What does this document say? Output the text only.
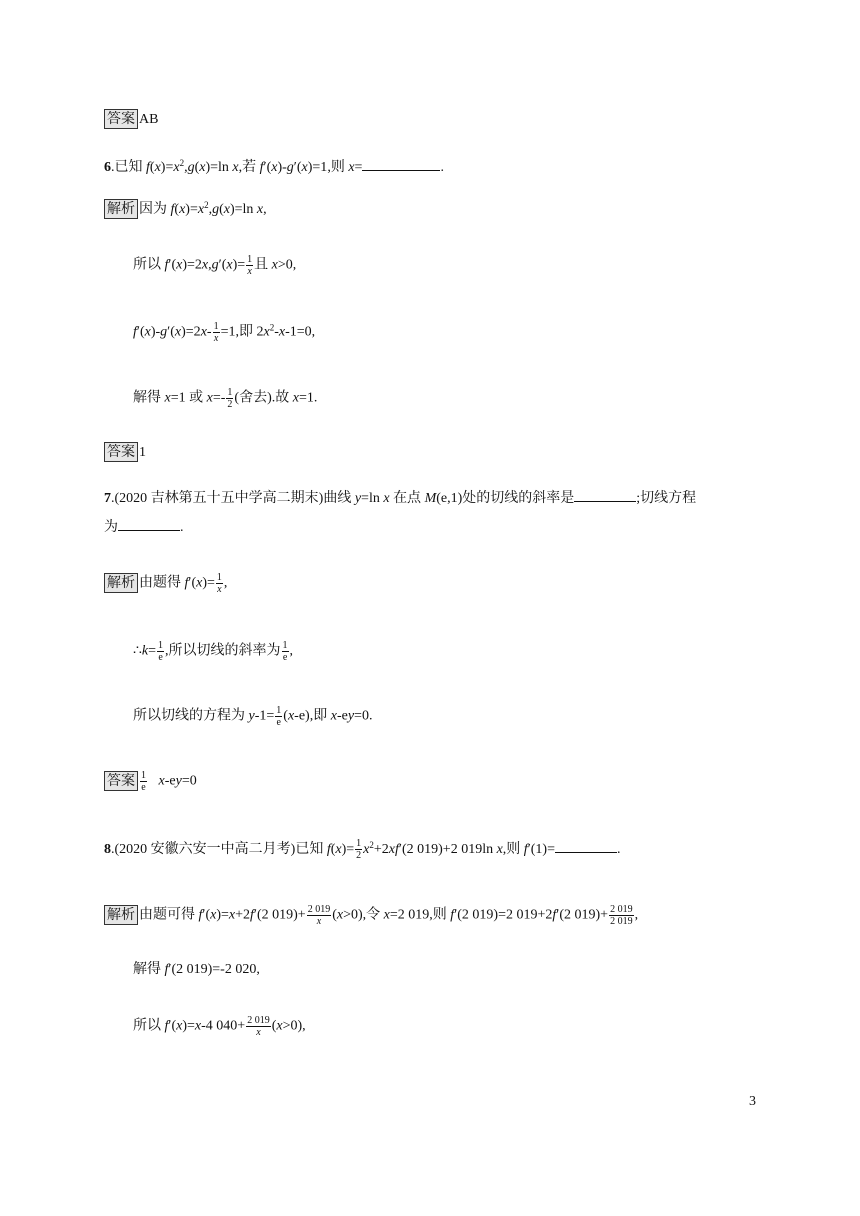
答案 AB
6.已知 $f(x)=x^2,g(x)=\ln$ x,若 f′(x)-g′(x)=1,则 x=	.
解析 因为 $f(x)=x^2,g(x)=\ln$ x,
所以 $f'(x)=2x,g'(x)= \frac{1}{x}$ 且 x>0,
$f'(x)-g'(x)=2x- \frac{1}{x} =1$,即 $2x^2-x-1=0$,
解得 x=1 或 $x=- \frac{1}{2}$ (舍去).故 x=1.
答案 1
7.(2020 吉林第五十五中学高二期末)曲线 y=ln x 在点 M(e,1)处的切线的斜率是	;切线方程
为	.
解析 由题得 $f'(x)= \frac{1}{x}$ ,
∴k= $\frac{1}{e}$ ,所以切线的斜率为 $\frac{1}{e}$ ,
所以切线的方程为 $y-1= \frac{1}{e} (x-e)$,即 x-ey=0.
答案 $\frac{1}{e} x-ey=0$
8.(2020 安徽六安一中高二月考)已知 $f(x)= \frac{1}{2} x^2+2xf'(2$ 019)+2 019ln x,则 f′(1)=	.
解析 由题可得 f′(x)=x+2f′(2 $019)+ \frac{2 019}{x} (x>0)$,令 x=2 019,则 f′(2 019)=2 019+2f′(2 $019)+ \frac{2 019}{2 019}$ ,
解得 f′(2 019)=-2 020,
所以 f′(x)=x-4 $040+ \frac{2 019}{x} (x>0)$,
3
